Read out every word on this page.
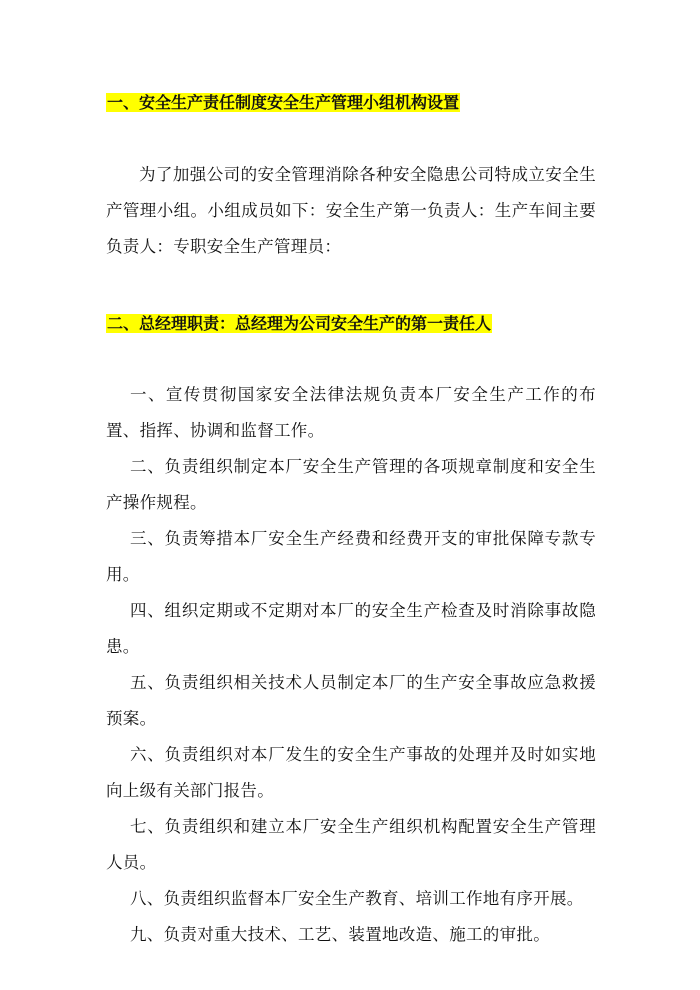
一、安全生产责任制度安全生产管理小组机构设置

为了加强公司的安全管理消除各种安全隐患公司特成立安全生产管理小组。小组成员如下：安全生产第一负责人：生产车间主要负责人：专职安全生产管理员：

二、总经理职责：总经理为公司安全生产的第一责任人
一、宣传贯彻国家安全法律法规负责本厂安全生产工作的布置、指挥、协调和监督工作。
二、负责组织制定本厂安全生产管理的各项规章制度和安全生产操作规程。
三、负责筹措本厂安全生产经费和经费开支的审批保障专款专用。
四、组织定期或不定期对本厂的安全生产检查及时消除事故隐患。
五、负责组织相关技术人员制定本厂的生产安全事故应急救援预案。
六、负责组织对本厂发生的安全生产事故的处理并及时如实地向上级有关部门报告。
七、负责组织和建立本厂安全生产组织机构配置安全生产管理人员。
八、负责组织监督本厂安全生产教育、培训工作地有序开展。
九、负责对重大技术、工艺、装置地改造、施工的审批。
